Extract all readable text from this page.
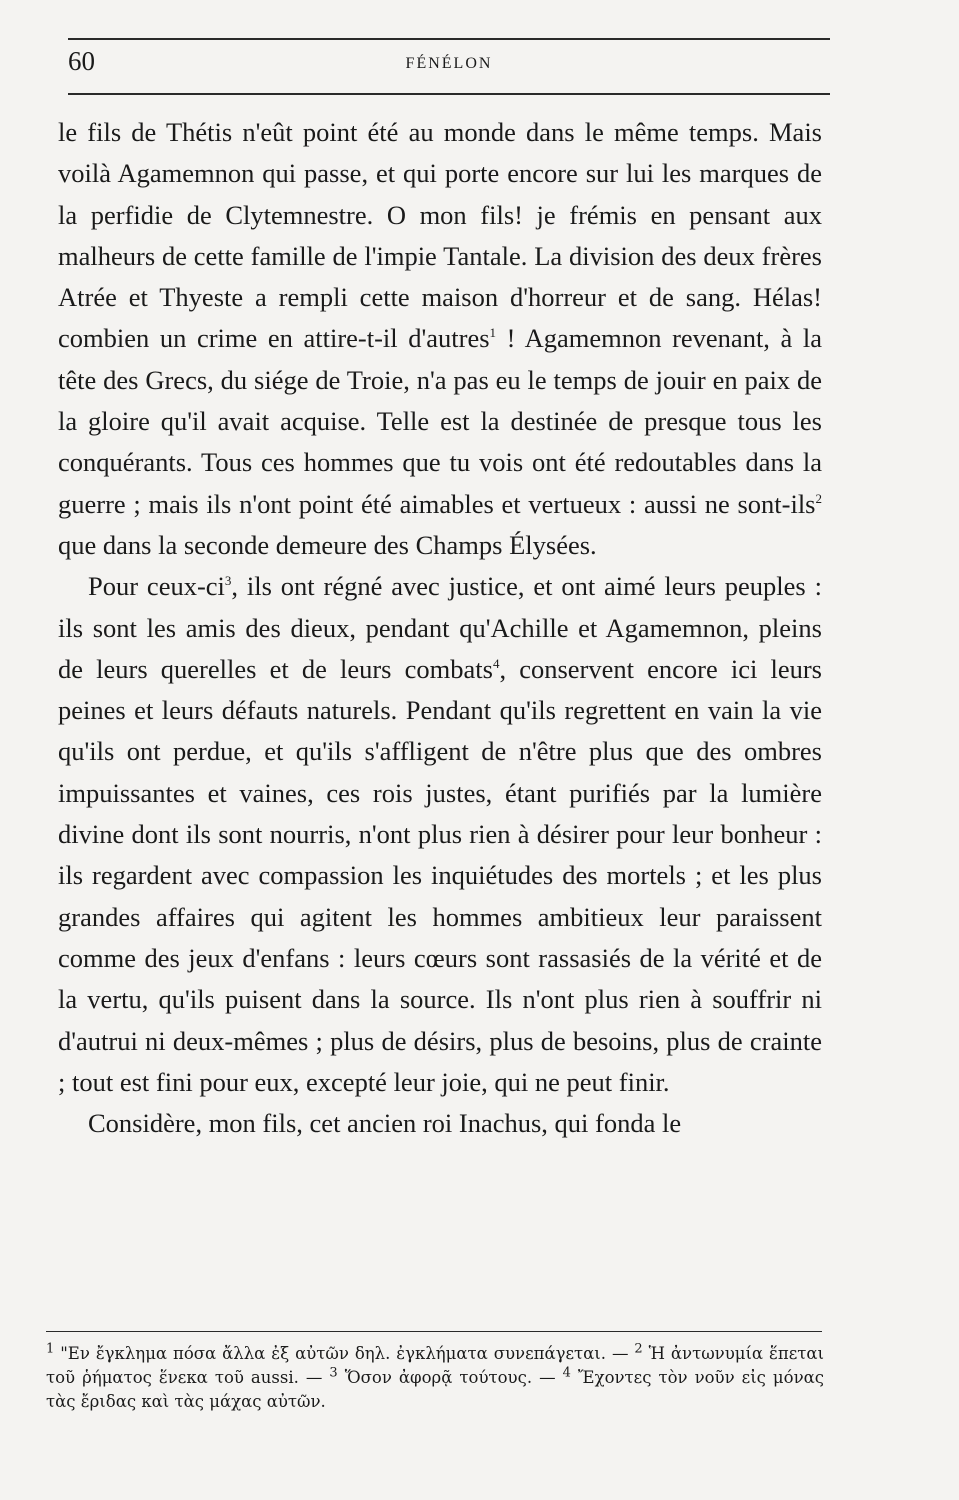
60	FÉNÉLON

le fils de Thétis n'eût point été au monde dans le même temps. Mais voilà Agamemnon qui passe, et qui porte encore sur lui les marques de la perfidie de Clytemnestre. O mon fils! je frémis en pensant aux malheurs de cette famille de l'impie Tantale. La division des deux frères Atrée et Thyeste a rempli cette maison d'horreur et de sang. Hélas! combien un crime en attire-t-il d'autres$^1$ ! Agamemnon revenant, à la tête des Grecs, du siége de Troie, n'a pas eu le temps de jouir en paix de la gloire qu'il avait acquise. Telle est la destinée de presque tous les conquérants. Tous ces hommes que tu vois ont été redoutables dans la guerre ; mais ils n'ont point été aimables et vertueux : aussi ne sont-ils$^2$ que dans la seconde demeure des Champs Élysées.

Pour ceux-$ci^3$, ils ont régné avec justice, et ont aimé leurs peuples : ils sont les amis des dieux, pendant qu'Achille et Agamemnon, pleins de leurs querelles et de leurs combats$^4$, conservent encore ici leurs peines et leurs défauts naturels. Pendant qu'ils regrettent en vain la vie qu'ils ont perdue, et qu'ils s'affligent de n'être plus que des ombres impuissantes et vaines, ces rois justes, étant purifiés par la lumière divine dont ils sont nourris, n'ont plus rien à désirer pour leur bonheur : ils regardent avec compassion les inquiétudes des mortels ; et les plus grandes affaires qui agitent les hommes ambitieux leur paraissent comme des jeux d'enfans : leurs cœurs sont rassasiés de la vérité et de la vertu, qu'ils puisent dans la source. Ils n'ont plus rien à souffrir ni d'autrui ni deux-mêmes ; plus de désirs, plus de besoins, plus de crainte ; tout est fini pour eux, excepté leur joie, qui ne peut finir.

Considère, mon fils, cet ancien roi Inachus, qui fonda le

$^1$ "Εν ἔγκλημα πόσα ἄλλα ἐξ αὐτῶν δηλ. ἐγκλήματα συνεπάγεται. — $^2$ Ἡ ἀντωνυμία ἕπεται τοῦ ῥήματος ἕνεκα τοῦ aussi. — $^3$ Ὅσον ἀφορᾷ τούτους. — $^4$ Ἔχοντες τὸν νοῦν εἰς μόνας τὰς ἔριδας καὶ τὰς μάχας αὐτῶν.
